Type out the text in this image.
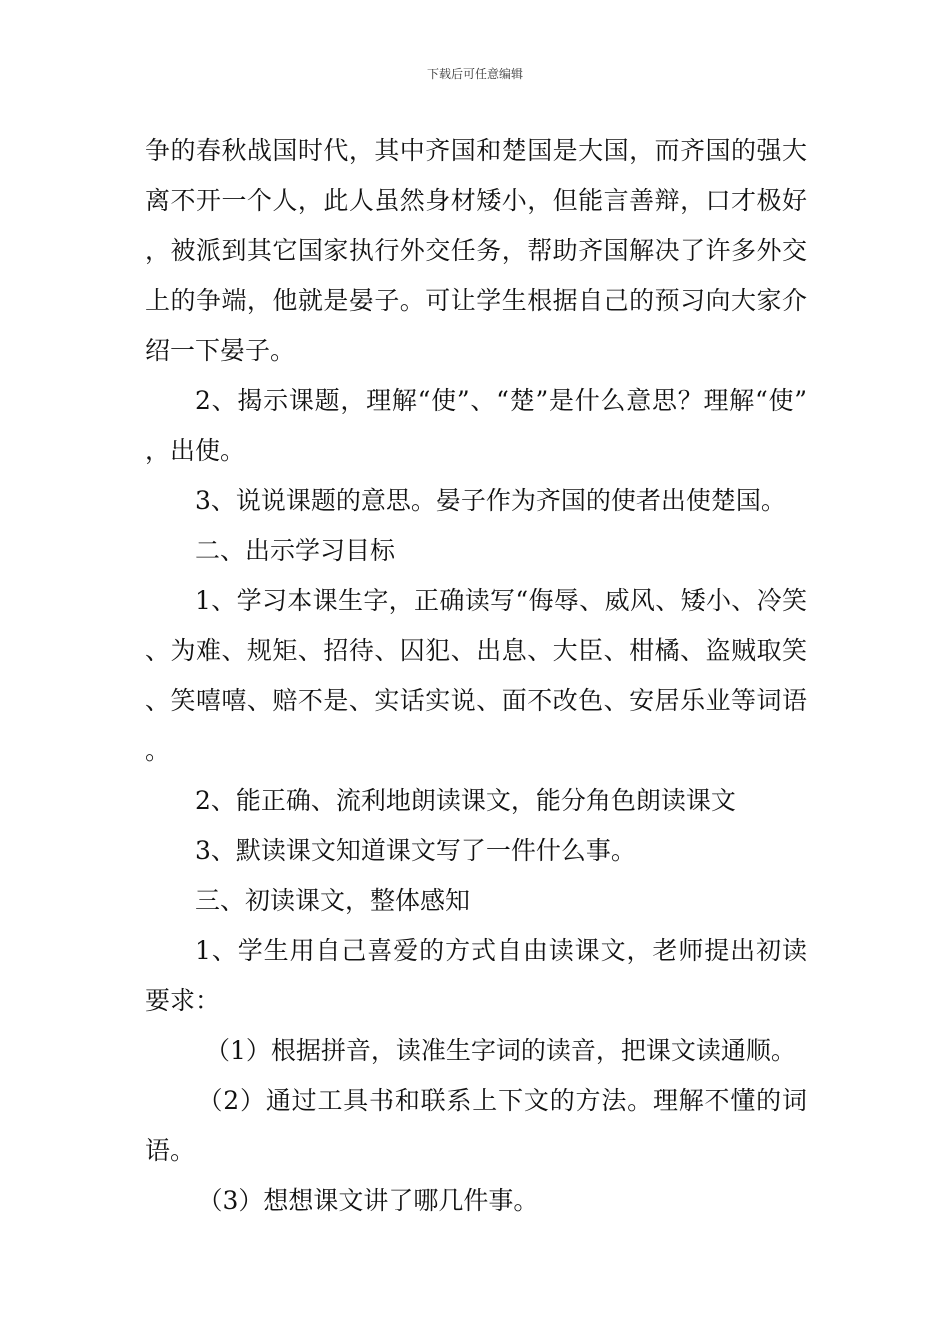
下载后可任意编辑

争的春秋战国时代，其中齐国和楚国是大国，而齐国的强大离不开一个人，此人虽然身材矮小，但能言善辩，口才极好，被派到其它国家执行外交任务，帮助齐国解决了许多外交上的争端，他就是晏子。可让学生根据自己的预习向大家介绍一下晏子。

2、揭示课题，理解“使”、“楚”是什么意思？理解“使”，出使。

3、说说课题的意思。晏子作为齐国的使者出使楚国。

二、出示学习目标

1、学习本课生字，正确读写“侮辱、威风、矮小、冷笑、为难、规矩、招待、囚犯、出息、大臣、柑橘、盗贼取笑、笑嘻嘻、赔不是、实话实说、面不改色、安居乐业等词语。

2、能正确、流利地朗读课文，能分角色朗读课文

3、默读课文知道课文写了一件什么事。

三、初读课文，整体感知

1、学生用自己喜爱的方式自由读课文，老师提出初读要求：

（1）根据拼音，读准生字词的读音，把课文读通顺。

（2）通过工具书和联系上下文的方法。理解不懂的词语。

（3）想想课文讲了哪几件事。
